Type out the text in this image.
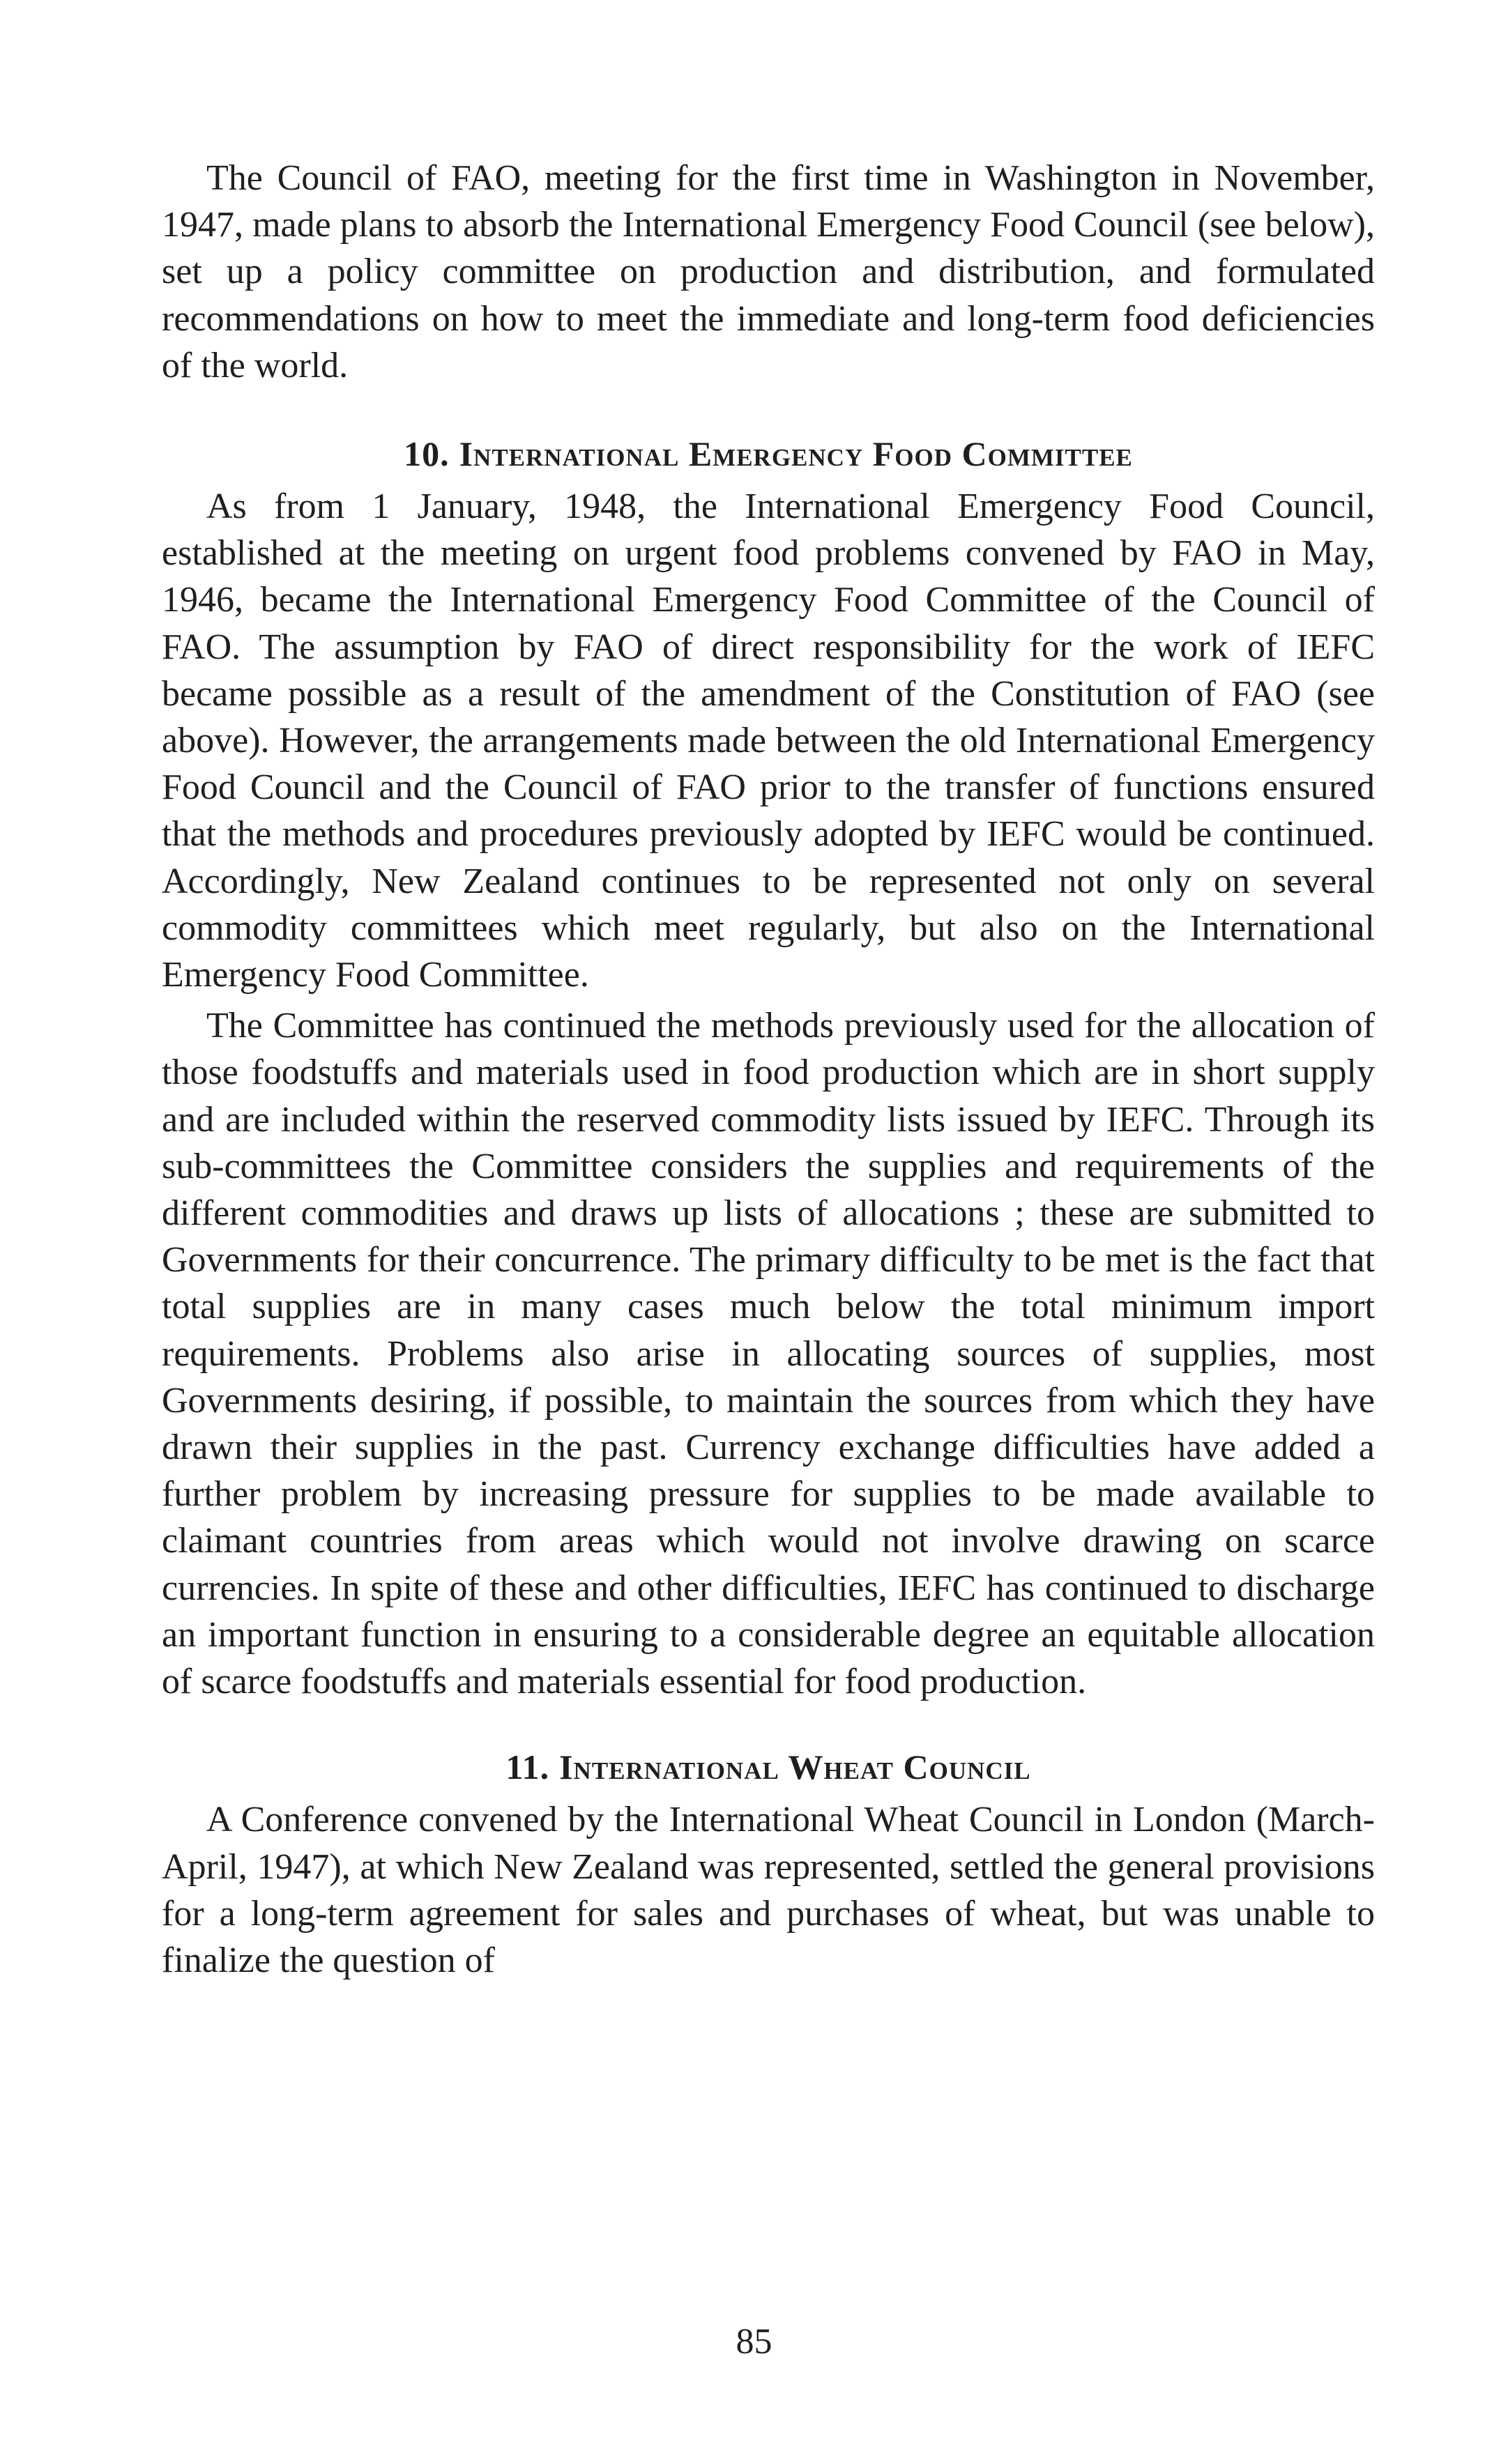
The Council of FAO, meeting for the first time in Washington in November, 1947, made plans to absorb the International Emergency Food Council (see below), set up a policy committee on production and distribution, and formulated recommendations on how to meet the immediate and long-term food deficiencies of the world.

10. International Emergency Food Committee

As from 1 January, 1948, the International Emergency Food Council, established at the meeting on urgent food problems convened by FAO in May, 1946, became the International Emergency Food Committee of the Council of FAO. The assumption by FAO of direct responsibility for the work of IEFC became possible as a result of the amendment of the Constitution of FAO (see above). However, the arrangements made between the old International Emergency Food Council and the Council of FAO prior to the transfer of functions ensured that the methods and procedures previously adopted by IEFC would be continued. Accordingly, New Zealand continues to be represented not only on several commodity committees which meet regularly, but also on the International Emergency Food Committee.

The Committee has continued the methods previously used for the allocation of those foodstuffs and materials used in food production which are in short supply and are included within the reserved commodity lists issued by IEFC. Through its sub-committees the Committee considers the supplies and requirements of the different commodities and draws up lists of allocations ; these are submitted to Governments for their concurrence. The primary difficulty to be met is the fact that total supplies are in many cases much below the total minimum import requirements. Problems also arise in allocating sources of supplies, most Governments desiring, if possible, to maintain the sources from which they have drawn their supplies in the past. Currency exchange difficulties have added a further problem by increasing pressure for supplies to be made available to claimant countries from areas which would not involve drawing on scarce currencies. In spite of these and other difficulties, IEFC has continued to discharge an important function in ensuring to a considerable degree an equitable allocation of scarce foodstuffs and materials essential for food production.

11. International Wheat Council

A Conference convened by the International Wheat Council in London (March-April, 1947), at which New Zealand was represented, settled the general provisions for a long-term agreement for sales and purchases of wheat, but was unable to finalize the question of

85
